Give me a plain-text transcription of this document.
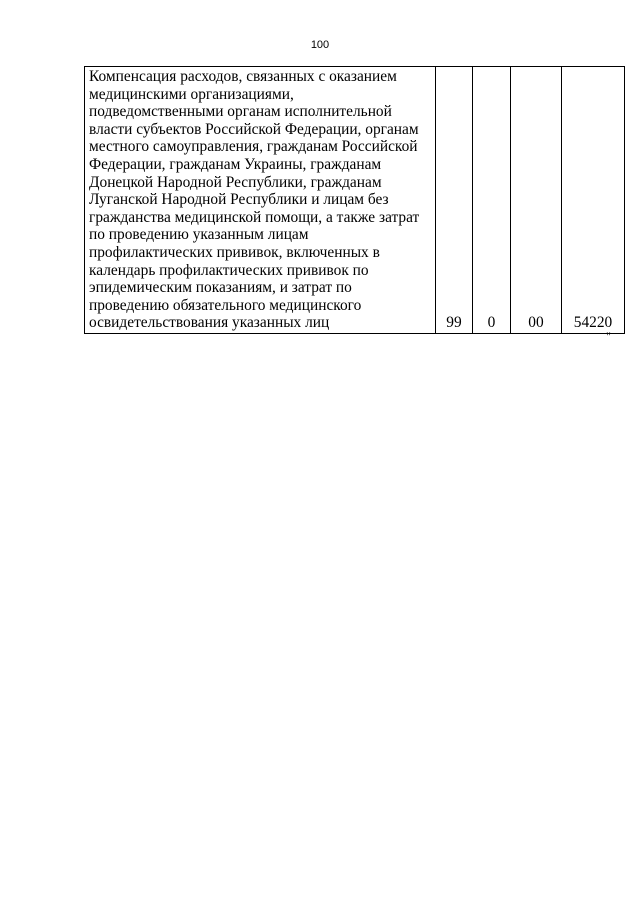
100
Компенсация расходов, связанных с оказанием
медицинскими организациями,
подведомственными органам исполнительной
власти субъектов Российской Федерации, органам
местного самоуправления, гражданам Российской
Федерации, гражданам Украины, гражданам
Донецкой Народной Республики, гражданам
Луганской Народной Республики и лицам без
гражданства медицинской помощи, а также затрат
по проведению указанным лицам
профилактических прививок, включенных в
календарь профилактических прививок по
эпидемическим показаниям, и затрат по
проведению обязательного медицинского
освидетельствования указанных лиц	99	0	00	54220
"
